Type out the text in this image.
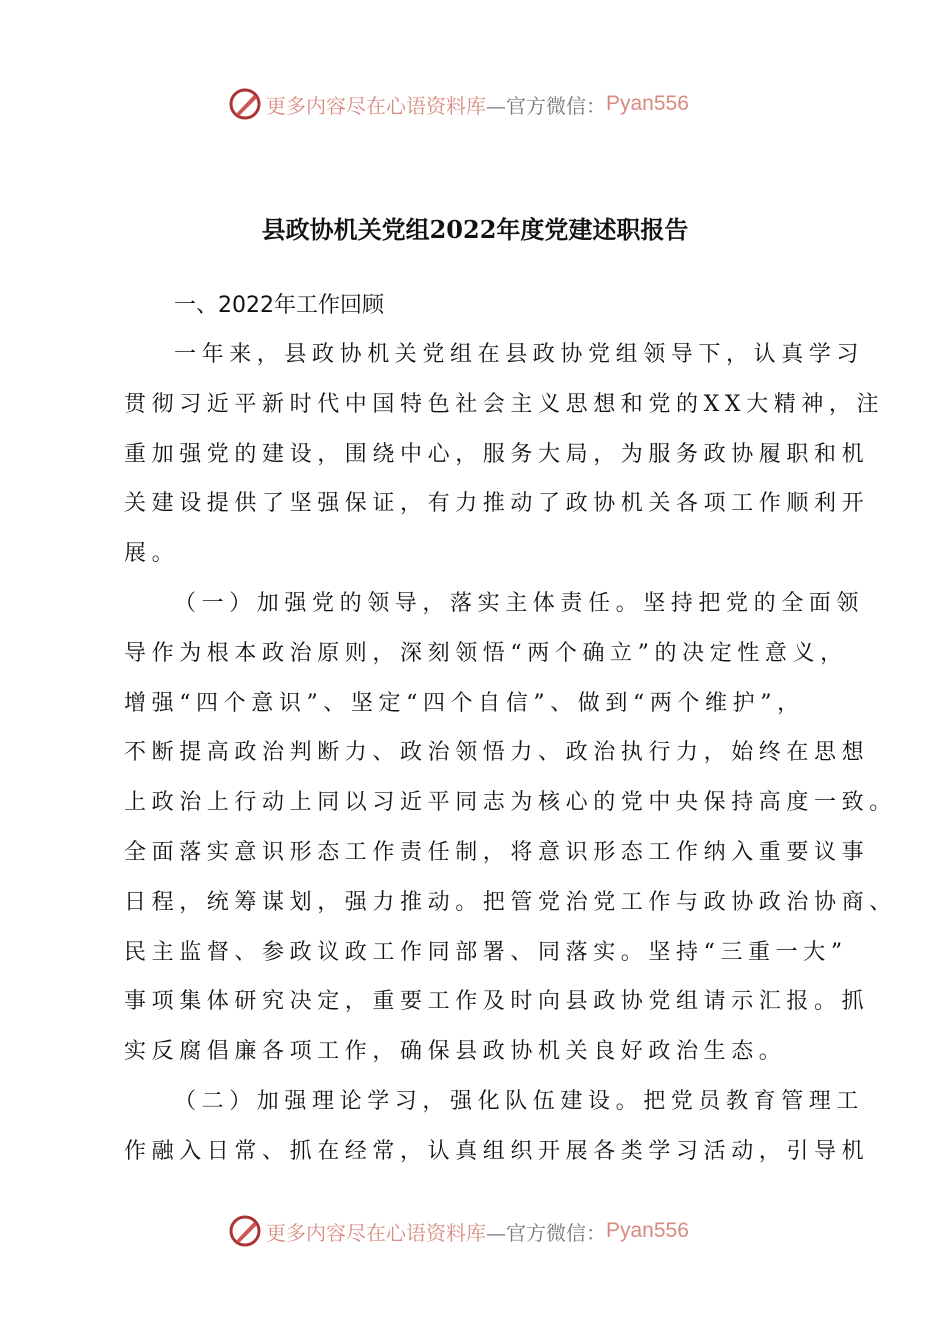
更多内容尽在心语资料库 —官方微信： Pyan556
县政协机关党组2022年度党建述职报告
一、2022年工作回顾
一年来，县政协机关党组在县政协党组领导下，认真学习
贯彻习近平新时代中国特色社会主义思想和党的XX大精神，注
重加强党的建设，围绕中心，服务大局，为服务政协履职和机
关建设提供了坚强保证，有力推动了政协机关各项工作顺利开
展。
（一）加强党的领导，落实主体责任。坚持把党的全面领
导作为根本政治原则，深刻领悟“两个确立”的决定性意义，
增强“四个意识”、坚定“四个自信”、做到“两个维护”，
不断提高政治判断力、政治领悟力、政治执行力，始终在思想
上政治上行动上同以习近平同志为核心的党中央保持高度一致。
全面落实意识形态工作责任制，将意识形态工作纳入重要议事
日程，统筹谋划，强力推动。把管党治党工作与政协政治协商、
民主监督、参政议政工作同部署、同落实。坚持“三重一大”
事项集体研究决定，重要工作及时向县政协党组请示汇报。抓
实反腐倡廉各项工作，确保县政协机关良好政治生态。
（二）加强理论学习，强化队伍建设。把党员教育管理工
作融入日常、抓在经常，认真组织开展各类学习活动，引导机
更多内容尽在心语资料库 —官方微信： Pyan556
